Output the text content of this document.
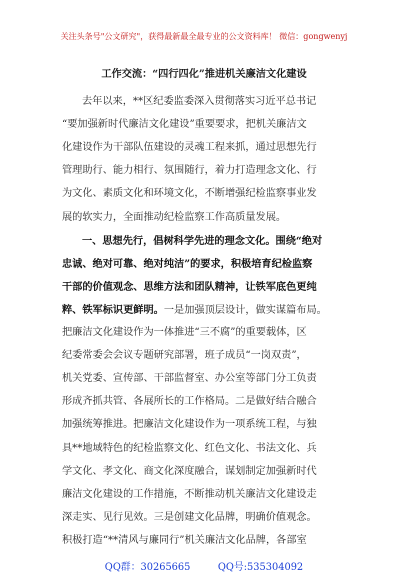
关注头条号"公文研究"，获得最新最全最专业的公文资料库！ 微信：gongwenyj
工作交流：“四行四化”推进机关廉洁文化建设
去年以来，**区纪委监委深入贯彻落实习近平总书记
“要加强新时代廉洁文化建设”重要要求，把机关廉洁文
化建设作为干部队伍建设的灵魂工程来抓，通过思想先行
管理助行、能力相行、氛围随行，着力打造理念文化、行
为文化、素质文化和环境文化，不断增强纪检监察事业发
展的软实力，全面推动纪检监察工作高质量发展。
一、思想先行，倡树科学先进的理念文化。围绕“绝对
忠诚、绝对可靠、绝对纯洁”的要求，积极培育纪检监察
干部的价值观念、思维方法和团队精神，让铁军底色更纯
粹、铁军标识更鲜明。一是加强顶层设计，做实谋篇布局。
把廉洁文化建设作为一体推进“三不腐”的重要载体，区
纪委常委会会议专题研究部署，班子成员“一岗双责”，
机关党委、宣传部、干部监督室、办公室等部门分工负责
形成齐抓共管、各展所长的工作格局。二是做好结合融合
加强统筹推进。把廉洁文化建设作为一项系统工程，与独
具**地域特色的纪检监察文化、红色文化、书法文化、兵
学文化、孝文化、商文化深度融合，谋划制定加强新时代
廉洁文化建设的工作措施，不断推动机关廉洁文化建设走
深走实、见行见效。三是创建文化品牌，明确价值观念。
积极打造“**清风与廉同行”机关廉洁文化品牌，各部室
QQ群：30265665	QQ号:535304092
